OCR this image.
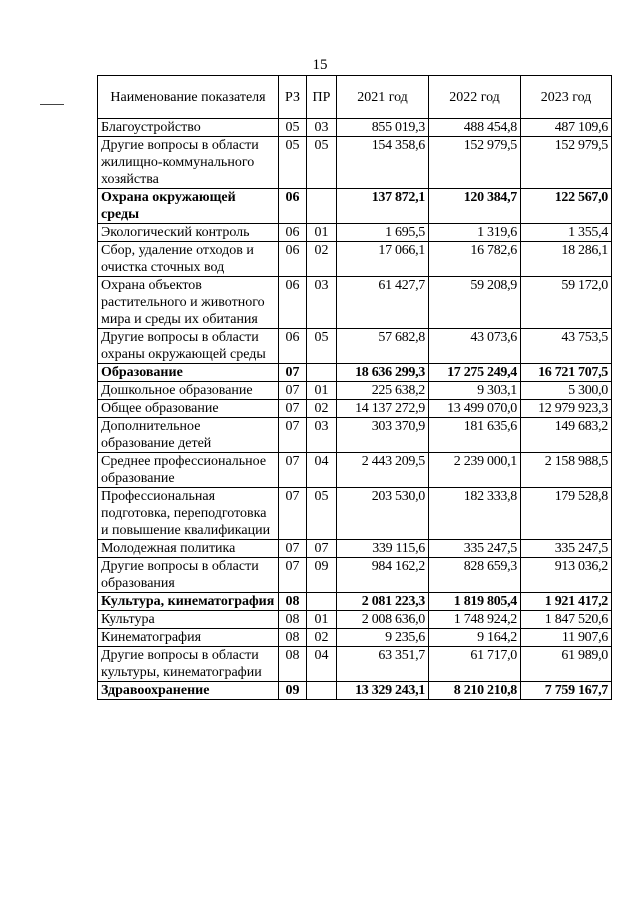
15
Наименование показателя	РЗ	ПР	2021 год	2022 год	2023 год
Благоустройство	05	03	855 019,3	488 454,8	487 109,6
Другие вопросы в области жилищно-коммунального хозяйства	05	05	154 358,6	152 979,5	152 979,5
Охрана окружающей среды	06		137 872,1	120 384,7	122 567,0
Экологический контроль	06	01	1 695,5	1 319,6	1 355,4
Сбор, удаление отходов и очистка сточных вод	06	02	17 066,1	16 782,6	18 286,1
Охрана объектов растительного и животного мира и среды их обитания	06	03	61 427,7	59 208,9	59 172,0
Другие вопросы в области охраны окружающей среды	06	05	57 682,8	43 073,6	43 753,5
Образование	07		18 636 299,3	17 275 249,4	16 721 707,5
Дошкольное образование	07	01	225 638,2	9 303,1	5 300,0
Общее образование	07	02	14 137 272,9	13 499 070,0	12 979 923,3
Дополнительное образование детей	07	03	303 370,9	181 635,6	149 683,2
Среднее профессиональное образование	07	04	2 443 209,5	2 239 000,1	2 158 988,5
Профессиональная подготовка, переподготовка и повышение квалификации	07	05	203 530,0	182 333,8	179 528,8
Молодежная политика	07	07	339 115,6	335 247,5	335 247,5
Другие вопросы в области образования	07	09	984 162,2	828 659,3	913 036,2
Культура, кинематография	08		2 081 223,3	1 819 805,4	1 921 417,2
Культура	08	01	2 008 636,0	1 748 924,2	1 847 520,6
Кинематография	08	02	9 235,6	9 164,2	11 907,6
Другие вопросы в области культуры, кинематографии	08	04	63 351,7	61 717,0	61 989,0
Здравоохранение	09		13 329 243,1	8 210 210,8	7 759 167,7
